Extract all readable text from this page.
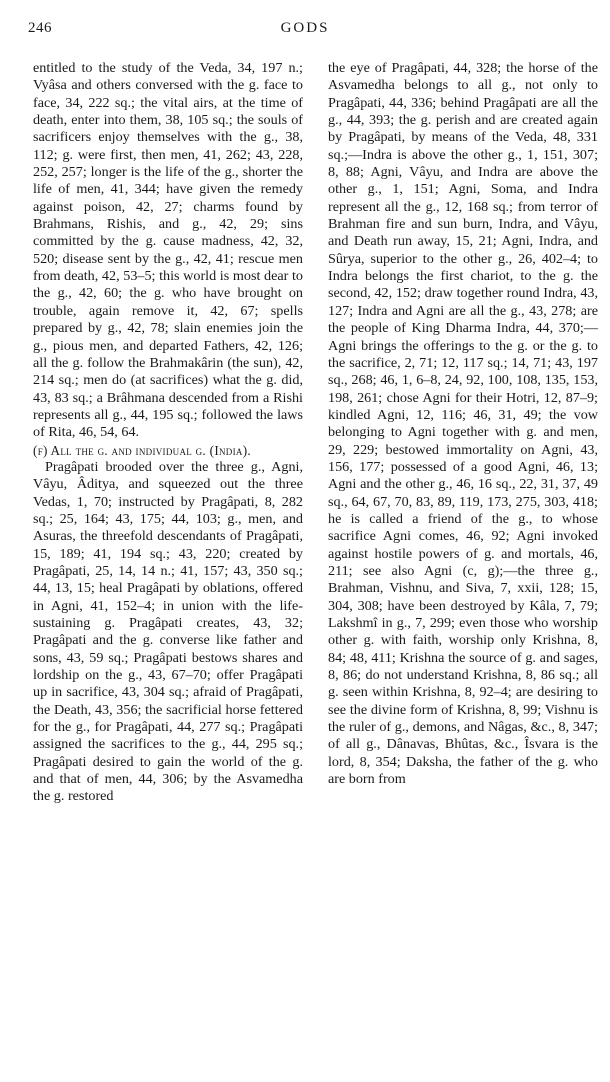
246	GODS

entitled to the study of the Veda, 34, 197 n.; Vyâsa and others conversed with the g. face to face, 34, 222 sq.; the vital airs, at the time of death, enter into them, 38, 105 sq.; the souls of sacrificers enjoy themselves with the g., 38, 112; g. were first, then men, 41, 262; 43, 228, 252, 257; longer is the life of the g., shorter the life of men, 41, 344; have given the remedy against poison, 42, 27; charms found by Brahmans, Rishis, and g., 42, 29; sins committed by the g. cause madness, 42, 32, 520; disease sent by the g., 42, 41; rescue men from death, 42, 53–5; this world is most dear to the g., 42, 60; the g. who have brought on trouble, again remove it, 42, 67; spells prepared by g., 42, 78; slain enemies join the g., pious men, and departed Fathers, 42, 126; all the g. follow the Brahmakârin (the sun), 42, 214 sq.; men do (at sacrifices) what the g. did, 43, 83 sq.; a Brâhmana descended from a Rishi represents all g., 44, 195 sq.; followed the laws of Rita, 46, 54, 64.

(f) All the g. and individual g. (India).

Pragâpati brooded over the three g., Agni, Vâyu, Âditya, and squeezed out the three Vedas, 1, 70; instructed by Pragâpati, 8, 282 sq.; 25, 164; 43, 175; 44, 103; g., men, and Asuras, the threefold descendants of Pragâpati, 15, 189; 41, 194 sq.; 43, 220; created by Pragâpati, 25, 14, 14 n.; 41, 157; 43, 350 sq.; 44, 13, 15; heal Pragâpati by oblations, offered in Agni, 41, 152–4; in union with the life-sustaining g. Pragâpati creates, 43, 32; Pragâpati and the g. converse like father and sons, 43, 59 sq.; Pragâpati bestows shares and lordship on the g., 43, 67–70; offer Pragâpati up in sacrifice, 43, 304 sq.; afraid of Pragâpati, the Death, 43, 356; the sacrificial horse fettered for the g., for Pragâpati, 44, 277 sq.; Pragâpati assigned the sacrifices to the g., 44, 295 sq.; Pragâpati desired to gain the world of the g. and that of men, 44, 306; by the Asvamedha the g. restored

the eye of Pragâpati, 44, 328; the horse of the Asvamedha belongs to all g., not only to Pragâpati, 44, 336; behind Pragâpati are all the g., 44, 393; the g. perish and are created again by Pragâpati, by means of the Veda, 48, 331 sq.;—Indra is above the other g., 1, 151, 307; 8, 88; Agni, Vâyu, and Indra are above the other g., 1, 151; Agni, Soma, and Indra represent all the g., 12, 168 sq.; from terror of Brahman fire and sun burn, Indra, and Vâyu, and Death run away, 15, 21; Agni, Indra, and Sûrya, superior to the other g., 26, 402–4; to Indra belongs the first chariot, to the g. the second, 42, 152; draw together round Indra, 43, 127; Indra and Agni are all the g., 43, 278; are the people of King Dharma Indra, 44, 370;—Agni brings the offerings to the g. or the g. to the sacrifice, 2, 71; 12, 117 sq.; 14, 71; 43, 197 sq., 268; 46, 1, 6–8, 24, 92, 100, 108, 135, 153, 198, 261; chose Agni for their Hotri, 12, 87–9; kindled Agni, 12, 116; 46, 31, 49; the vow belonging to Agni together with g. and men, 29, 229; bestowed immortality on Agni, 43, 156, 177; possessed of a good Agni, 46, 13; Agni and the other g., 46, 16 sq., 22, 31, 37, 49 sq., 64, 67, 70, 83, 89, 119, 173, 275, 303, 418; he is called a friend of the g., to whose sacrifice Agni comes, 46, 92; Agni invoked against hostile powers of g. and mortals, 46, 211; see also Agni (c, g);—the three g., Brahman, Vishnu, and Siva, 7, xxii, 128; 15, 304, 308; have been destroyed by Kâla, 7, 79; Lakshmî in g., 7, 299; even those who worship other g. with faith, worship only Krishna, 8, 84; 48, 411; Krishna the source of g. and sages, 8, 86; do not understand Krishna, 8, 86 sq.; all g. seen within Krishna, 8, 92–4; are desiring to see the divine form of Krishna, 8, 99; Vishnu is the ruler of g., demons, and Nâgas, &c., 8, 347; of all g., Dânavas, Bhûtas, &c., Îsvara is the lord, 8, 354; Daksha, the father of the g. who are born from
